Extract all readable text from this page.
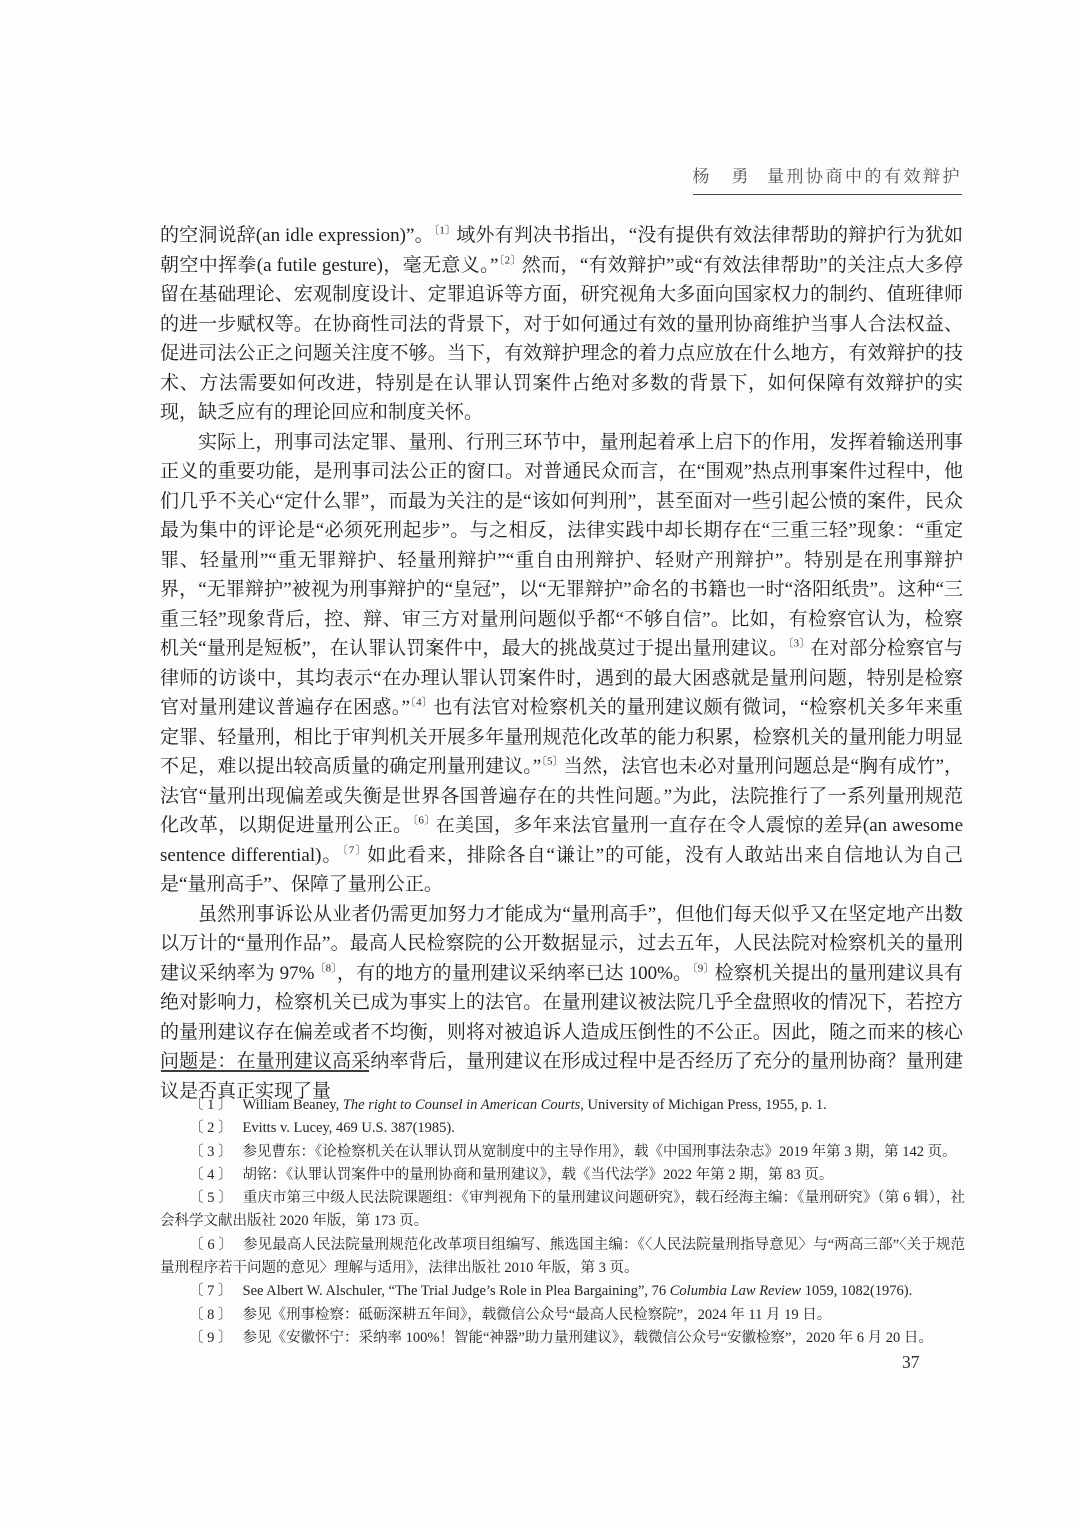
杨　勇 量刑协商中的有效辩护

的空洞说辞(an idle expression)”。$^{〔1〕}$域外有判决书指出，“没有提供有效法律帮助的辩护行为犹如朝空中挥拳(a futile gesture)，毫无意义。”$^{〔2〕}$然而，“有效辩护”或“有效法律帮助”的关注点大多停留在基础理论、宏观制度设计、定罪追诉等方面，研究视角大多面向国家权力的制约、值班律师的进一步赋权等。在协商性司法的背景下，对于如何通过有效的量刑协商维护当事人合法权益、促进司法公正之问题关注度不够。当下，有效辩护理念的着力点应放在什么地方，有效辩护的技术、方法需要如何改进，特别是在认罪认罚案件占绝对多数的背景下，如何保障有效辩护的实现，缺乏应有的理论回应和制度关怀。

实际上，刑事司法定罪、量刑、行刑三环节中，量刑起着承上启下的作用，发挥着输送刑事正义的重要功能，是刑事司法公正的窗口。对普通民众而言，在“围观”热点刑事案件过程中，他们几乎不关心“定什么罪”，而最为关注的是“该如何判刑”，甚至面对一些引起公愤的案件，民众最为集中的评论是“必须死刑起步”。与之相反，法律实践中却长期存在“三重三轻”现象：“重定罪、轻量刑”“重无罪辩护、轻量刑辩护”“重自由刑辩护、轻财产刑辩护”。特别是在刑事辩护界，“无罪辩护”被视为刑事辩护的“皇冠”，以“无罪辩护”命名的书籍也一时“洛阳纸贵”。这种“三重三轻”现象背后，控、辩、审三方对量刑问题似乎都“不够自信”。比如，有检察官认为，检察机关“量刑是短板”，在认罪认罚案件中，最大的挑战莫过于提出量刑建议。$^{〔3〕}$在对部分检察官与律师的访谈中，其均表示“在办理认罪认罚案件时，遇到的最大困惑就是量刑问题，特别是检察官对量刑建议普遍存在困惑。”$^{〔4〕}$也有法官对检察机关的量刑建议颇有微词，“检察机关多年来重定罪、轻量刑，相比于审判机关开展多年量刑规范化改革的能力积累，检察机关的量刑能力明显不足，难以提出较高质量的确定刑量刑建议。”$^{〔5〕}$当然，法官也未必对量刑问题总是“胸有成竹”，法官“量刑出现偏差或失衡是世界各国普遍存在的共性问题。”为此，法院推行了一系列量刑规范化改革，以期促进量刑公正。$^{〔6〕}$在美国，多年来法官量刑一直存在令人震惊的差异(an awesome sentence differential)。$^{〔7〕}$如此看来，排除各自“谦让”的可能，没有人敢站出来自信地认为自己是“量刑高手”、保障了量刑公正。

虽然刑事诉讼从业者仍需更加努力才能成为“量刑高手”，但他们每天似乎又在坚定地产出数以万计的“量刑作品”。最高人民检察院的公开数据显示，过去五年，人民法院对检察机关的量刑建议采纳率为 97%$^{〔8〕}$，有的地方的量刑建议采纳率已达 100%。$^{〔9〕}$检察机关提出的量刑建议具有绝对影响力，检察机关已成为事实上的法官。在量刑建议被法院几乎全盘照收的情况下，若控方的量刑建议存在偏差或者不均衡，则将对被追诉人造成压倒性的不公正。因此，随之而来的核心问题是：在量刑建议高采纳率背后，量刑建议在形成过程中是否经历了充分的量刑协商？量刑建议是否真正实现了量

〔 1 〕 William Beaney, The right to Counsel in American Courts, University of Michigan Press, 1955, p. 1.

〔 2 〕 Evitts v. Lucey, 469 U.S. 387(1985).

〔 3 〕 参见曹东：《论检察机关在认罪认罚从宽制度中的主导作用》，载《中国刑事法杂志》2019 年第 3 期，第 142 页。

〔 4 〕 胡铭：《认罪认罚案件中的量刑协商和量刑建议》，载《当代法学》2022 年第 2 期，第 83 页。

〔 5 〕 重庆市第三中级人民法院课题组：《审判视角下的量刑建议问题研究》，载石经海主编：《量刑研究》（第 6 辑），社会科学文献出版社 2020 年版，第 173 页。

〔 6 〕 参见最高人民法院量刑规范化改革项目组编写、熊选国主编：《〈人民法院量刑指导意见〉与“两高三部”〈关于规范量刑程序若干问题的意见〉理解与适用》，法律出版社 2010 年版，第 3 页。

〔 7 〕 See Albert W. Alschuler, “The Trial Judge’s Role in Plea Bargaining”, 76 Columbia Law Review 1059, 1082(1976).

〔 8 〕 参见《刑事检察：砥砺深耕五年间》，载微信公众号“最高人民检察院”，2024 年 11 月 19 日。

〔 9 〕 参见《安徽怀宁：采纳率 100%！智能“神器”助力量刑建议》，载微信公众号“安徽检察”，2020 年 6 月 20 日。

37
